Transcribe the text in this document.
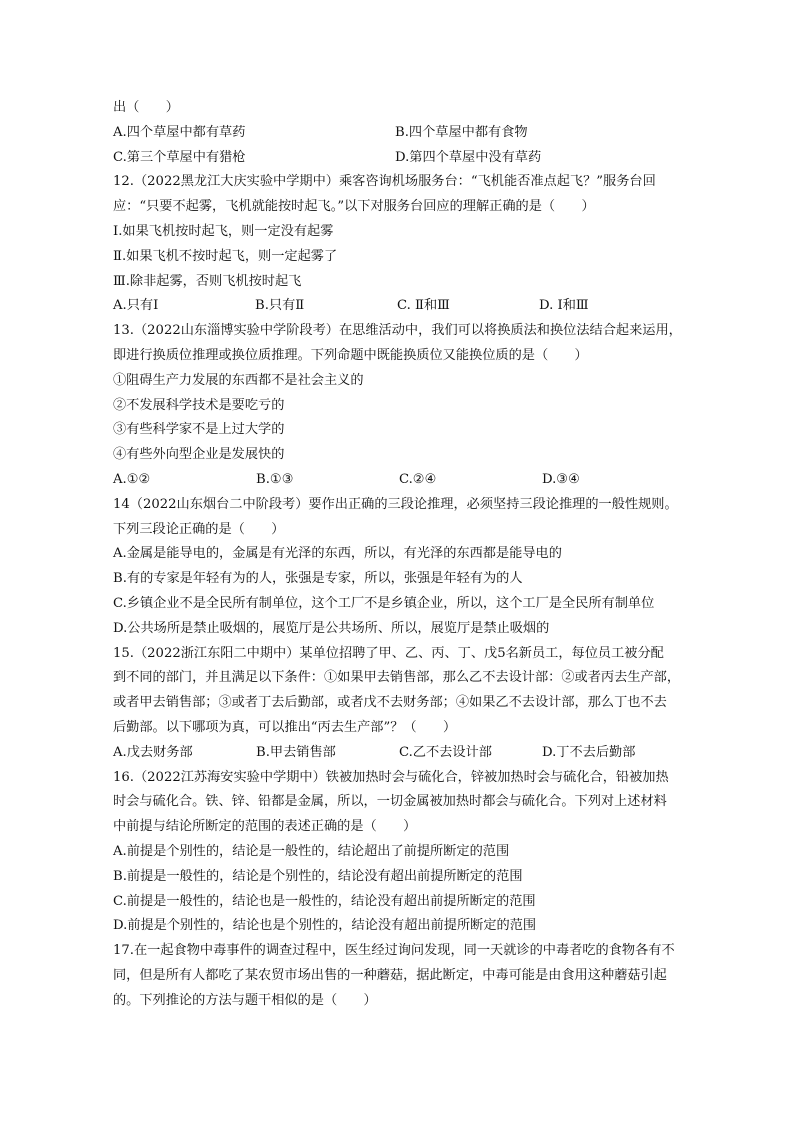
出（　　）
A.四个草屋中都有草药	B.四个草屋中都有食物
C.第三个草屋中有猎枪	D.第四个草屋中没有草药
12.（2022黑龙江大庆实验中学期中）乘客咨询机场服务台：“飞机能否准点起飞？”服务台回
应：“只要不起雾，飞机就能按时起飞。”以下对服务台回应的理解正确的是（　　）
Ⅰ.如果飞机按时起飞，则一定没有起雾
Ⅱ.如果飞机不按时起飞，则一定起雾了
Ⅲ.除非起雾，否则飞机按时起飞
A.只有Ⅰ	B.只有Ⅱ	C. Ⅱ和Ⅲ	D. Ⅰ和Ⅲ
13.（2022山东淄博实验中学阶段考）在思维活动中，我们可以将换质法和换位法结合起来运用，
即进行换质位推理或换位质推理。下列命题中既能换质位又能换位质的是（　　）
①阻碍生产力发展的东西都不是社会主义的
②不发展科学技术是要吃亏的
③有些科学家不是上过大学的
④有些外向型企业是发展快的
A.①②	B.①③	C.②④	D.③④
14（2022山东烟台二中阶段考）要作出正确的三段论推理，必须坚持三段论推理的一般性规则。
下列三段论正确的是（　　）
A.金属是能导电的，金属是有光泽的东西，所以，有光泽的东西都是能导电的
B.有的专家是年轻有为的人，张强是专家，所以，张强是年轻有为的人
C.乡镇企业不是全民所有制单位，这个工厂不是乡镇企业，所以，这个工厂是全民所有制单位
D.公共场所是禁止吸烟的，展览厅是公共场所、所以，展览厅是禁止吸烟的
15.（2022浙江东阳二中期中）某单位招聘了甲、乙、丙、丁、戊5名新员工，每位员工被分配
到不同的部门，并且满足以下条件：①如果甲去销售部，那么乙不去设计部：②或者丙去生产部，
或者甲去销售部；③或者丁去后勤部，或者戊不去财务部；④如果乙不去设计部，那么丁也不去
后勤部。以下哪项为真，可以推出“丙去生产部”？（　　）
A.戊去财务部	B.甲去销售部	C.乙不去设计部	D.丁不去后勤部
16.（2022江苏海安实验中学期中）铁被加热时会与硫化合，锌被加热时会与硫化合，铅被加热
时会与硫化合。铁、锌、铅都是金属，所以，一切金属被加热时都会与硫化合。下列对上述材料
中前提与结论所断定的范围的表述正确的是（　　）
A.前提是个别性的，结论是一般性的，结论超出了前提所断定的范围
B.前提是一般性的，结论是个别性的，结论没有超出前提所断定的范围
C.前提是一般性的，结论也是一般性的，结论没有超出前提所断定的范围
D.前提是个别性的，结论也是个别性的，结论没有超出前提所断定的范围
17.在一起食物中毒事件的调查过程中，医生经过询问发现，同一天就诊的中毒者吃的食物各有不
同，但是所有人都吃了某农贸市场出售的一种蘑菇，据此断定，中毒可能是由食用这种蘑菇引起
的。下列推论的方法与题干相似的是（　　）
